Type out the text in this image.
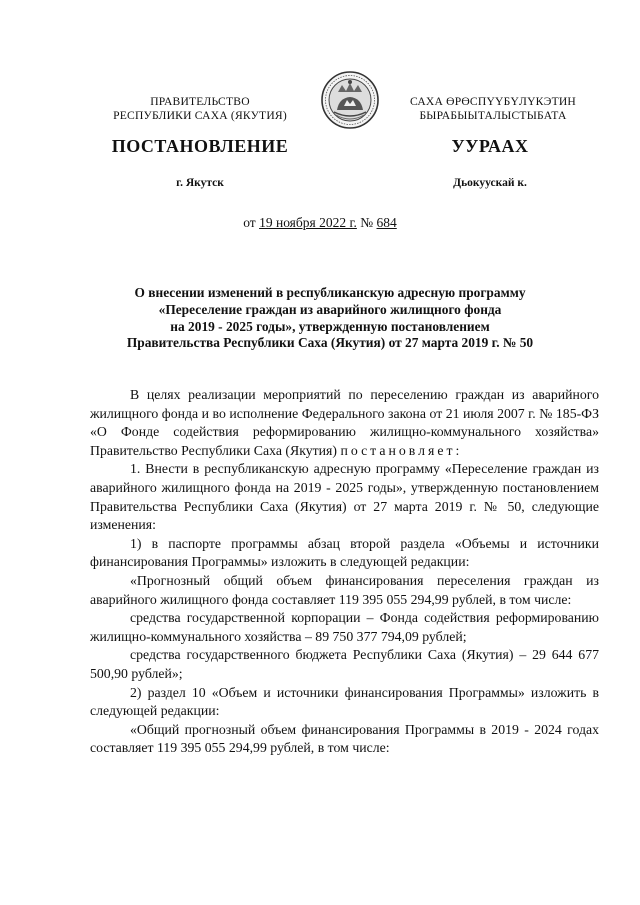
ПРАВИТЕЛЬСТВО
РЕСПУБЛИКИ САХА (ЯКУТИЯ)
САХА ӨРӨСПҮҮБҮЛҮКЭТИН
БЫРАБЫЫТАЛЫСТЫБАТА
ПОСТАНОВЛЕНИЕ	УУРААХ
г. Якутск	Дьокуускай к.
от 19 ноября 2022 г. № 684
О внесении изменений в республиканскую адресную программу
«Переселение граждан из аварийного жилищного фонда
на 2019 - 2025 годы», утвержденную постановлением
Правительства Республики Саха (Якутия) от 27 марта 2019 г. № 50

В целях реализации мероприятий по переселению граждан из аварийного жилищного фонда и во исполнение Федерального закона от 21 июля 2007 г. № 185-ФЗ «О Фонде содействия реформированию жилищно-коммунального хозяйства» Правительство Республики Саха (Якутия) постановляет:

1. Внести в республиканскую адресную программу «Переселение граждан из аварийного жилищного фонда на 2019 - 2025 годы», утвержденную постановлением Правительства Республики Саха (Якутия) от 27 марта 2019 г. № 50, следующие изменения:

1) в паспорте программы абзац второй раздела «Объемы и источники финансирования Программы» изложить в следующей редакции:

«Прогнозный общий объем финансирования переселения граждан из аварийного жилищного фонда составляет 119 395 055 294,99 рублей, в том числе:

средства государственной корпорации – Фонда содействия реформированию жилищно-коммунального хозяйства – 89 750 377 794,09 рублей;

средства государственного бюджета Республики Саха (Якутия) – 29 644 677 500,90 рублей»;

2) раздел 10 «Объем и источники финансирования Программы» изложить в следующей редакции:

«Общий прогнозный объем финансирования Программы в 2019 - 2024 годах составляет 119 395 055 294,99 рублей, в том числе:
